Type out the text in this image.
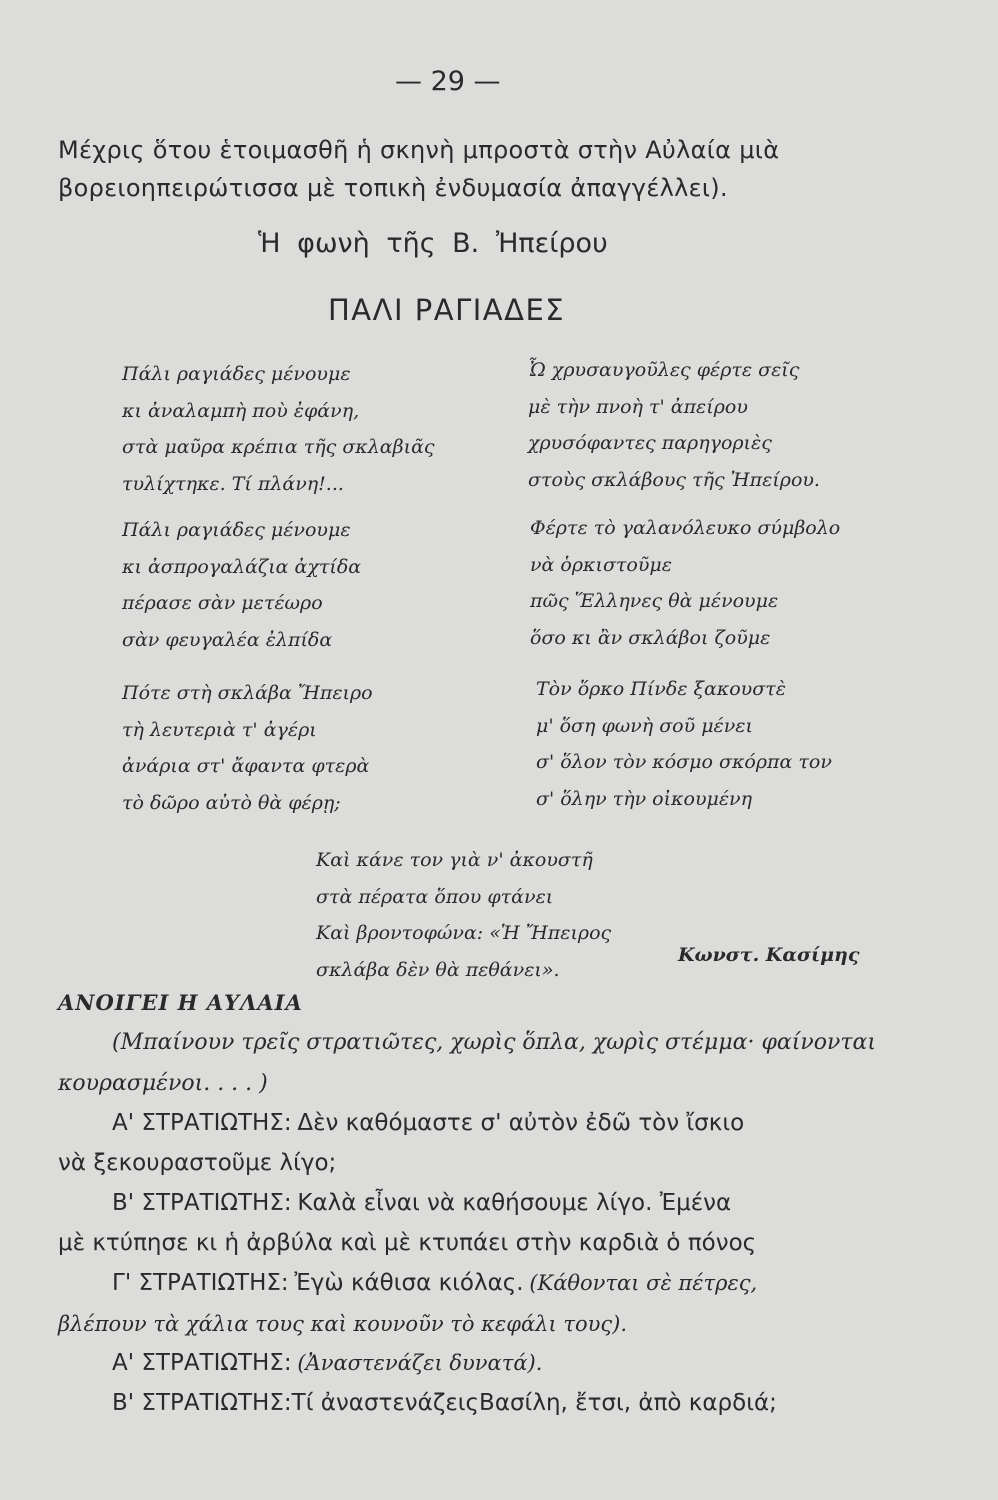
— 29 —
Μέχρις ὅτου ἑτοιμασθῆ ἡ σκηνὴ μπροστὰ στὴν Αὐλαία μιὰ
βορειοηπειρώτισσα μὲ τοπικὴ ἐνδυμασία ἀπαγγέλλει).
Ἡ φωνὴ τῆς Β. Ἠπείρου
ΠΑΛΙ ΡΑΓΙΑΔΕΣ
Πάλι ραγιάδες μένουμε
κι ἀναλαμπὴ ποὺ ἐφάνη,
στὰ μαῦρα κρέπια τῆς σκλαβιᾶς
τυλίχτηκε. Τί πλάνη!...
Πάλι ραγιάδες μένουμε
κι ἀσπρογαλάζια ἀχτίδα
πέρασε σὰν μετέωρο
σὰν φευγαλέα ἐλπίδα
Πότε στὴ σκλάβα Ἤπειρο
τὴ λευτεριὰ τ' ἀγέρι
ἀνάρια στ' ἄφαντα φτερὰ
τὸ δῶρο αὐτὸ θὰ φέρῃ;
Ὦ χρυσαυγοῦλες φέρτε σεῖς
μὲ τὴν πνοὴ τ' ἀπείρου
χρυσόφαντες παρηγοριὲς
στοὺς σκλάβους τῆς Ἠπείρου.
Φέρτε τὸ γαλανόλευκο σύμβολο
νὰ ὁρκιστοῦμε
πῶς Ἕλληνες θὰ μένουμε
ὅσο κι ἂν σκλάβοι ζοῦμε
Τὸν ὅρκο Πίνδε ξακουστὲ
μ' ὅση φωνὴ σοῦ μένει
σ' ὅλον τὸν κόσμο σκόρπα τον
σ' ὅλην τὴν οἰκουμένη
Καὶ κάνε τον γιὰ ν' ἀκουστῆ
στὰ πέρατα ὅπου φτάνει
Καὶ βροντοφώνα: «Ἡ Ἤπειρος
σκλάβα δὲν θὰ πεθάνει».
Κωνστ. Κασίμης
ΑΝΟΙΓΕΙ Η ΑΥΛΑΙΑ
(Μπαίνουν τρεῖς στρατιῶτες, χωρὶς ὅπλα, χωρὶς στέμμα· φαίνονται
κουρασμένοι. . . . )
Α' ΣΤΡΑΤΙΩΤΗΣ: Δὲν καθόμαστε σ' αὐτὸν ἐδῶ τὸν ἴσκιο
νὰ ξεκουραστοῦμε λίγο;
Β' ΣΤΡΑΤΙΩΤΗΣ: Καλὰ εἶναι νὰ καθήσουμε λίγο. Ἐμένα
μὲ κτύπησε κι ἡ ἀρβύλα καὶ μὲ κτυπάει στὴν καρδιὰ ὁ πόνος
Γ' ΣΤΡΑΤΙΩΤΗΣ: Ἐγὼ κάθισα κιόλας. (Κάθονται σὲ πέτρες,
βλέπουν τὰ χάλια τους καὶ κουνοῦν τὸ κεφάλι τους).
Α' ΣΤΡΑΤΙΩΤΗΣ: (Ἀναστενάζει δυνατά).
Β' ΣΤΡΑΤΙΩΤΗΣ:Τί ἀναστενάζειςΒασίλη, ἔτσι, ἀπὸ καρδιά;
